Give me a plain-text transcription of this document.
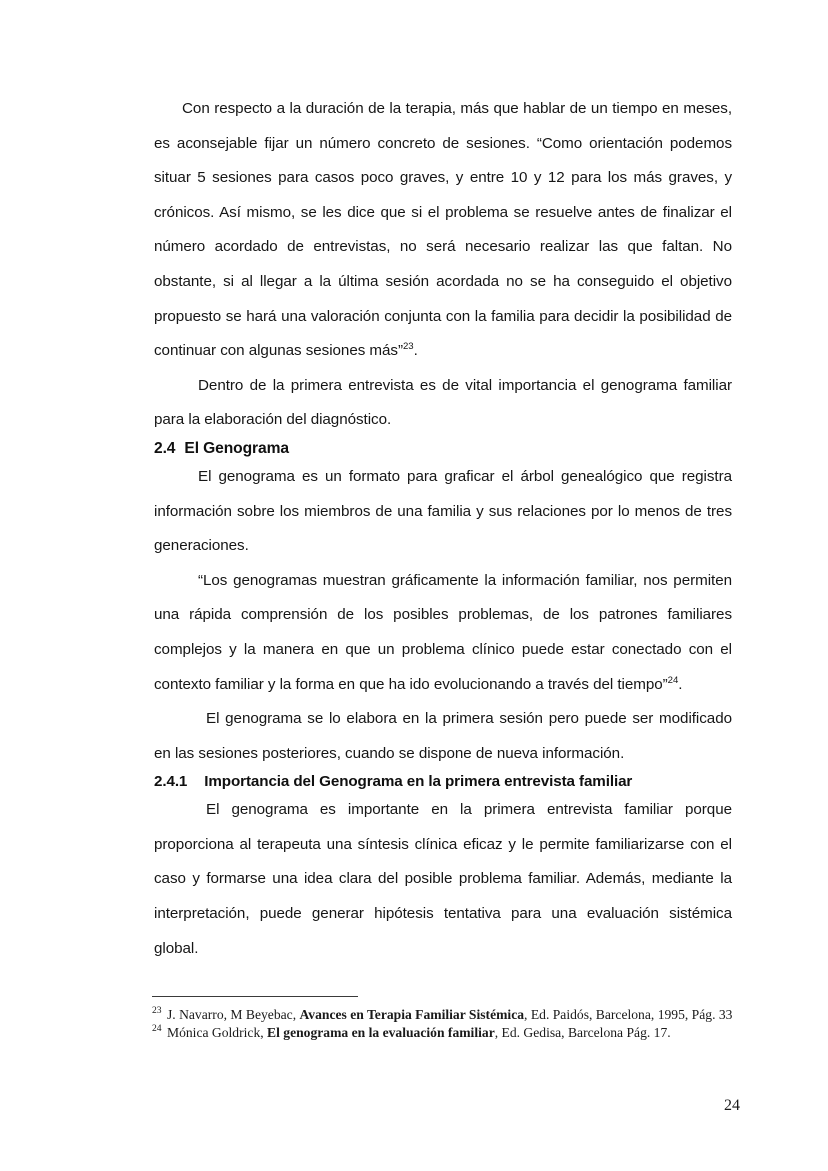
Con respecto a la duración de la terapia, más que hablar de un tiempo en meses, es aconsejable fijar un número concreto de sesiones. “Como orientación podemos situar 5 sesiones para casos poco graves, y entre 10 y 12 para los más graves, y crónicos. Así mismo, se les dice que si el problema se resuelve antes de finalizar el número acordado de entrevistas, no será necesario realizar las que faltan. No obstante, si al llegar a la última sesión acordada no se ha conseguido el objetivo propuesto se hará una valoración conjunta con la familia para decidir la posibilidad de continuar con algunas sesiones más”$^{23}$.

Dentro de la primera entrevista es de vital importancia el genograma familiar para la elaboración del diagnóstico.

2.4 El Genograma

El genograma es un formato para graficar el árbol genealógico que registra información sobre los miembros de una familia y sus relaciones por lo menos de tres generaciones.

“Los genogramas muestran gráficamente la información familiar, nos permiten una rápida comprensión de los posibles problemas, de los patrones familiares complejos y la manera en que un problema clínico puede estar conectado con el contexto familiar y la forma en que ha ido evolucionando a través del tiempo”$^{24}$.

El genograma se lo elabora en la primera sesión pero puede ser modificado en las sesiones posteriores, cuando se dispone de nueva información.

2.4.1 Importancia del Genograma en la primera entrevista familiar

El genograma es importante en la primera entrevista familiar porque proporciona al terapeuta una síntesis clínica eficaz y le permite familiarizarse con el caso y formarse una idea clara del posible problema familiar. Además, mediante la interpretación, puede generar hipótesis tentativa para una evaluación sistémica global.

$^{23}$ J. Navarro, M Beyebac, Avances en Terapia Familiar Sistémica, Ed. Paidós, Barcelona, 1995, Pág. 33

$^{24}$ Mónica Goldrick, El genograma en la evaluación familiar, Ed. Gedisa, Barcelona Pág. 17.

24
